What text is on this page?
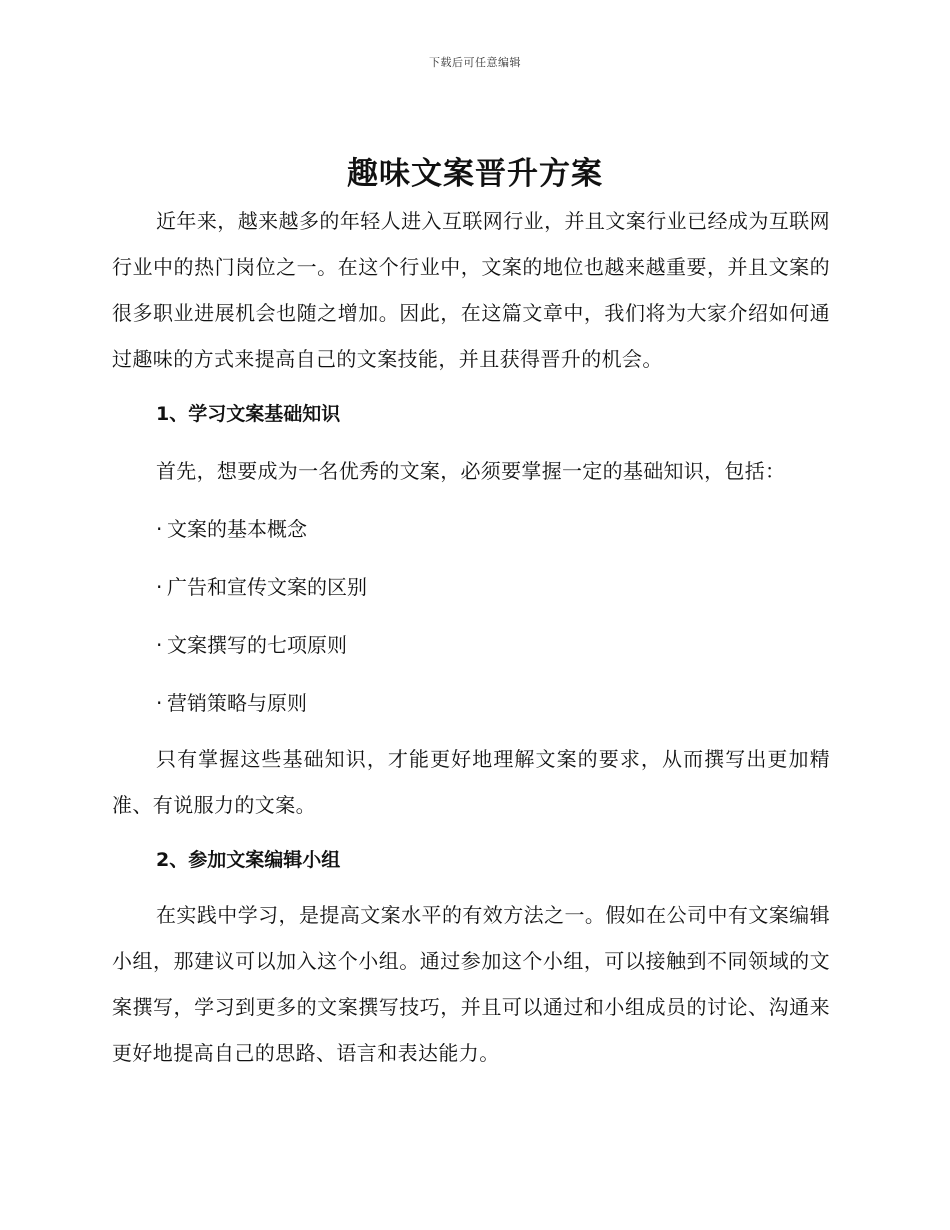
下载后可任意编辑
趣味文案晋升方案

近年来，越来越多的年轻人进入互联网行业，并且文案行业已经成为互联网行业中的热门岗位之一。在这个行业中，文案的地位也越来越重要，并且文案的很多职业进展机会也随之增加。因此，在这篇文章中，我们将为大家介绍如何通过趣味的方式来提高自己的文案技能，并且获得晋升的机会。

1、学习文案基础知识

首先，想要成为一名优秀的文案，必须要掌握一定的基础知识，包括：

· 文案的基本概念

· 广告和宣传文案的区别

· 文案撰写的七项原则

· 营销策略与原则

只有掌握这些基础知识，才能更好地理解文案的要求，从而撰写出更加精准、有说服力的文案。

2、参加文案编辑小组

在实践中学习，是提高文案水平的有效方法之一。假如在公司中有文案编辑小组，那建议可以加入这个小组。通过参加这个小组，可以接触到不同领域的文案撰写，学习到更多的文案撰写技巧，并且可以通过和小组成员的讨论、沟通来更好地提高自己的思路、语言和表达能力。
